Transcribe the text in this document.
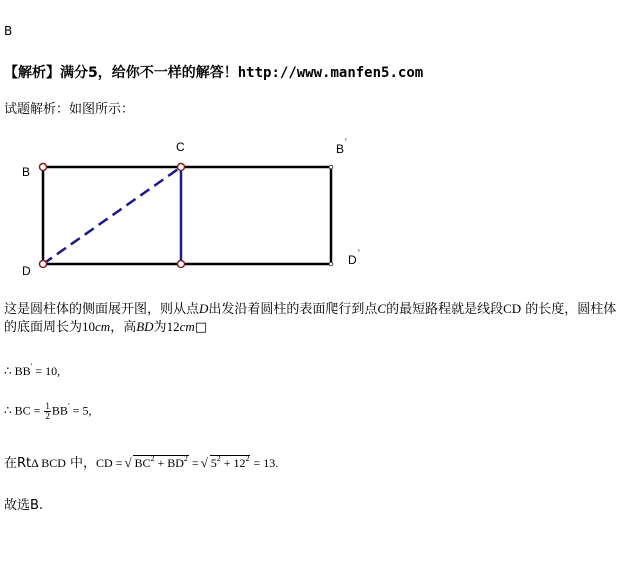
B
【解析】满分5，给你不一样的解答！http://www.manfen5.com
试题解析：如图所示：
B
C	B '
D
D '
这是圆柱体的侧面展开图，则从点D出发沿着圆柱的表面爬行到点C的最短路程就是线段CD 的长度，圆柱体的底面周长为10cm，高BD为12cm□
∴ BB′ = 10,
∴ BC = $\frac{1}{2} BB' = 5$,
在RtΔ BCD 中，CD = √ $BC^2 + BD^2$ = √ $5^2 + 12^2 = 13$.
故选B.
